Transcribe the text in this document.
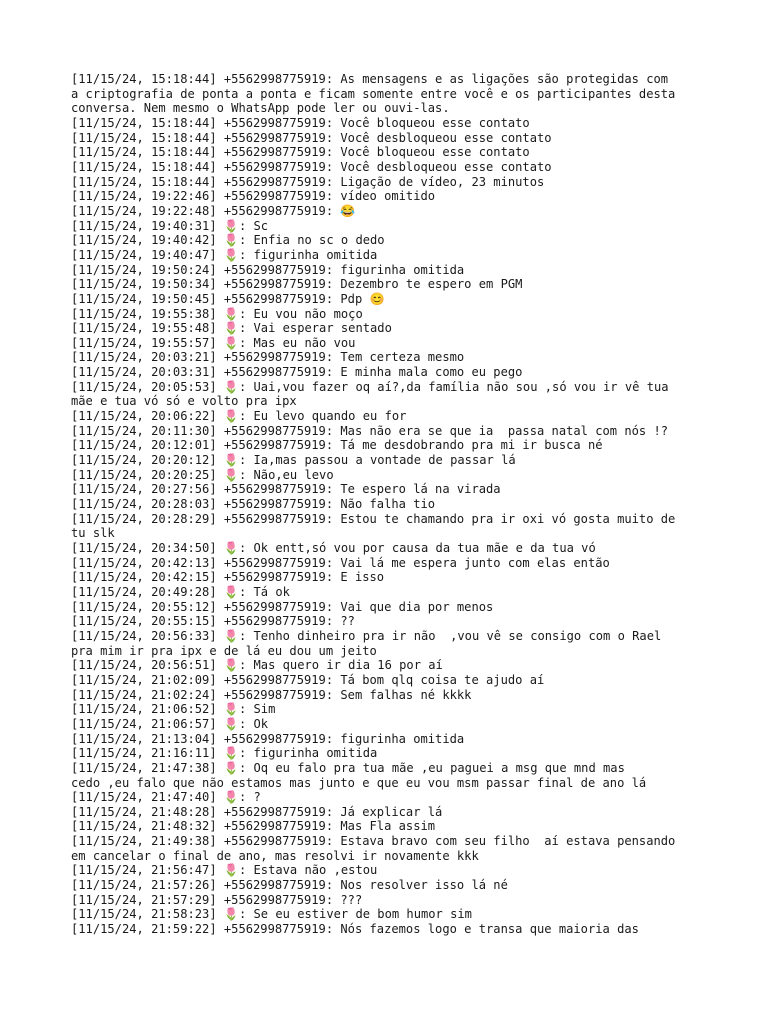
[11/15/24, 15:18:44] +5562998775919: As mensagens e as ligações são protegidas com
a criptografia de ponta a ponta e ficam somente entre você e os participantes desta
conversa. Nem mesmo o WhatsApp pode ler ou ouvi-las.
[11/15/24, 15:18:44] +5562998775919: Você bloqueou esse contato
[11/15/24, 15:18:44] +5562998775919: Você desbloqueou esse contato
[11/15/24, 15:18:44] +5562998775919: Você bloqueou esse contato
[11/15/24, 15:18:44] +5562998775919: Você desbloqueou esse contato
[11/15/24, 15:18:44] +5562998775919: Ligação de vídeo, 23 minutos
[11/15/24, 19:22:46] +5562998775919: vídeo omitido
[11/15/24, 19:22:48] +5562998775919: 😂
[11/15/24, 19:40:31] 🌷: Sc
[11/15/24, 19:40:42] 🌷: Enfia no sc o dedo
[11/15/24, 19:40:47] 🌷: figurinha omitida
[11/15/24, 19:50:24] +5562998775919: figurinha omitida
[11/15/24, 19:50:34] +5562998775919: Dezembro te espero em PGM
[11/15/24, 19:50:45] +5562998775919: Pdp 😊
[11/15/24, 19:55:38] 🌷: Eu vou não moço
[11/15/24, 19:55:48] 🌷: Vai esperar sentado
[11/15/24, 19:55:57] 🌷: Mas eu não vou
[11/15/24, 20:03:21] +5562998775919: Tem certeza mesmo
[11/15/24, 20:03:31] +5562998775919: E minha mala como eu pego
[11/15/24, 20:05:53] 🌷: Uai,vou fazer oq aí?,da família não sou ,só vou ir vê tua
mãe e tua vó só e volto pra ipx
[11/15/24, 20:06:22] 🌷: Eu levo quando eu for
[11/15/24, 20:11:30] +5562998775919: Mas não era se que ia  passa natal com nós !?
[11/15/24, 20:12:01] +5562998775919: Tá me desdobrando pra mi ir busca né
[11/15/24, 20:20:12] 🌷: Ia,mas passou a vontade de passar lá
[11/15/24, 20:20:25] 🌷: Não,eu levo
[11/15/24, 20:27:56] +5562998775919: Te espero lá na virada
[11/15/24, 20:28:03] +5562998775919: Não falha tio
[11/15/24, 20:28:29] +5562998775919: Estou te chamando pra ir oxi vó gosta muito de
tu slk
[11/15/24, 20:34:50] 🌷: Ok entt,só vou por causa da tua mãe e da tua vó
[11/15/24, 20:42:13] +5562998775919: Vai lá me espera junto com elas então
[11/15/24, 20:42:15] +5562998775919: E isso
[11/15/24, 20:49:28] 🌷: Tá ok
[11/15/24, 20:55:12] +5562998775919: Vai que dia por menos
[11/15/24, 20:55:15] +5562998775919: ??
[11/15/24, 20:56:33] 🌷: Tenho dinheiro pra ir não  ,vou vê se consigo com o Rael
pra mim ir pra ipx e de lá eu dou um jeito
[11/15/24, 20:56:51] 🌷: Mas quero ir dia 16 por aí
[11/15/24, 21:02:09] +5562998775919: Tá bom qlq coisa te ajudo aí
[11/15/24, 21:02:24] +5562998775919: Sem falhas né kkkk
[11/15/24, 21:06:52] 🌷: Sim
[11/15/24, 21:06:57] 🌷: Ok
[11/15/24, 21:13:04] +5562998775919: figurinha omitida
[11/15/24, 21:16:11] 🌷: figurinha omitida
[11/15/24, 21:47:38] 🌷: Oq eu falo pra tua mãe ,eu paguei a msg que mnd mas
cedo ,eu falo que não estamos mas junto e que eu vou msm passar final de ano lá
[11/15/24, 21:47:40] 🌷: ?
[11/15/24, 21:48:28] +5562998775919: Já explicar lá
[11/15/24, 21:48:32] +5562998775919: Mas Fla assim
[11/15/24, 21:49:38] +5562998775919: Estava bravo com seu filho  aí estava pensando
em cancelar o final de ano, mas resolvi ir novamente kkk
[11/15/24, 21:56:47] 🌷: Estava não ,estou
[11/15/24, 21:57:26] +5562998775919: Nos resolver isso lá né
[11/15/24, 21:57:29] +5562998775919: ???
[11/15/24, 21:58:23] 🌷: Se eu estiver de bom humor sim
[11/15/24, 21:59:22] +5562998775919: Nós fazemos logo e transa que maioria das
